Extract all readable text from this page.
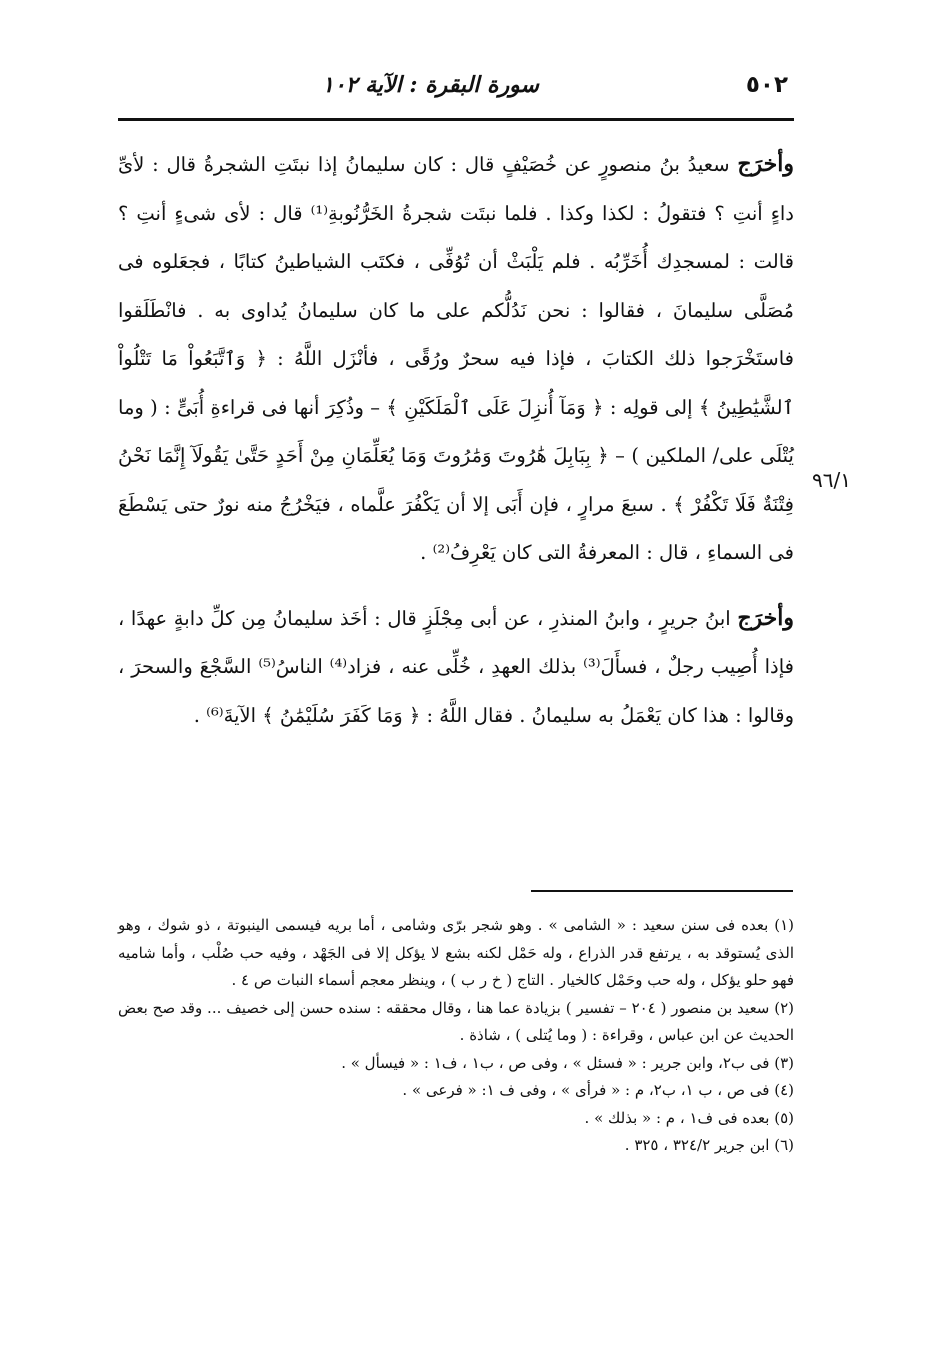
٥٠٢
سورة البقرة : الآية ١٠٢

وأخرَج سعيدُ بنُ منصورٍ عن خُصَيْفٍ قال : كان سليمانُ إذا نبتَتِ الشجرةُ قال : لأىِّ داءٍ أنتِ ؟ فتقولُ : لكذا وكذا . فلما نبتَت شجرةُ الخَرُّنُوبةِ⁽¹⁾ قال : لأى شىءٍ أنتِ ؟ قالت : لمسجدِك أُخَرِّبُه . فلم يَلْبَثْ أن تُوُفِّى ، فكتَب الشياطينُ كتابًا ، فجعَلوه فى مُصَلَّى سليمانَ ، فقالوا : نحن نَدُلُّكم على ما كان سليمانُ يُداوى به . فانْطَلَقوا فاستَخْرَجوا ذلك الكتابَ ، فإذا فيه سحرٌ ورُقًى ، فأنْزَل اللَّهُ : ﴿ وَٱتَّبَعُواْ مَا تَتْلُواْ ٱلشَّيَٰطِينُ ﴾ إلى قولِه : ﴿ وَمَآ أُنزِلَ عَلَى ٱلْمَلَكَيْنِ ﴾ – وذُكِرَ أنها فى قراءةِ أُبَىٍّ : ( وما يُتْلَى على/ الملكين ) – ﴿ بِبَابِلَ هَٰرُوتَ وَمَٰرُوتَ وَمَا يُعَلِّمَانِ مِنْ أَحَدٍ حَتَّىٰ يَقُولَآ إِنَّمَا نَحْنُ فِتْنَةٌ فَلَا تَكْفُرْ ﴾ . سبعَ مرارٍ ، فإن أَبَى إلا أن يَكْفُرَ علَّماه ، فيَخْرُجُ منه نورٌ حتى يَسْطَعَ فى السماءِ ، قال : المعرفةُ التى كان يَعْرِفُ⁽²⁾ .

وأخرَج ابنُ جريرٍ ، وابنُ المنذرِ ، عن أبى مِجْلَزٍ قال : أخَذ سليمانُ مِن كلِّ دابةٍ عهدًا ، فإذا أُصِيب رجلٌ ، فسأَلَ⁽³⁾ بذلك العهدِ ، خُلِّى عنه ، فزاد⁽⁴⁾ الناسُ⁽⁵⁾ السَّجْعَ والسحرَ ، وقالوا : هذا كان يَعْمَلُ به سليمانُ . فقال اللَّهُ : ﴿ وَمَا كَفَرَ سُلَيْمَٰنُ ﴾ الآيةَ⁽⁶⁾ .

٩٦/١

(١) بعده فى سنن سعيد : « الشامى » . وهو شجر برّى وشامى ، أما بريه فيسمى الينبوتة ، ذو شوك ، وهو الذى يُستوقد به ، يرتفع قدر الذراع ، وله حَمْل لكنه بشع لا يؤكل إلا فى الجَهْد ، وفيه حب صُلْب ، وأما شاميه فهو حلو يؤكل ، وله حب وحَمْل كالخيار . التاج ( خ ر ب ) ، وينظر معجم أسماء النبات ص ٤ .

(٢) سعيد بن منصور ( ٢٠٤ – تفسير ) بزيادة عما هنا ، وقال محققه : سنده حسن إلى خصيف ... وقد صح بعض الحديث عن ابن عباس ، وقراءة : ( وما يُتلى ) ، شاذة .

(٣) فى ب٢، وابن جرير : « فسئل » ، وفى ص ، ب١ ، ف١ : « فيسأل » .

(٤) فى ص ، ب ١، ب٢، م : « فرأى » ، وفى ف ١: « فرعى » .

(٥) بعده فى ف١ ، م : « بذلك » .

(٦) ابن جرير ٣٢٤/٢ ، ٣٢٥ .
